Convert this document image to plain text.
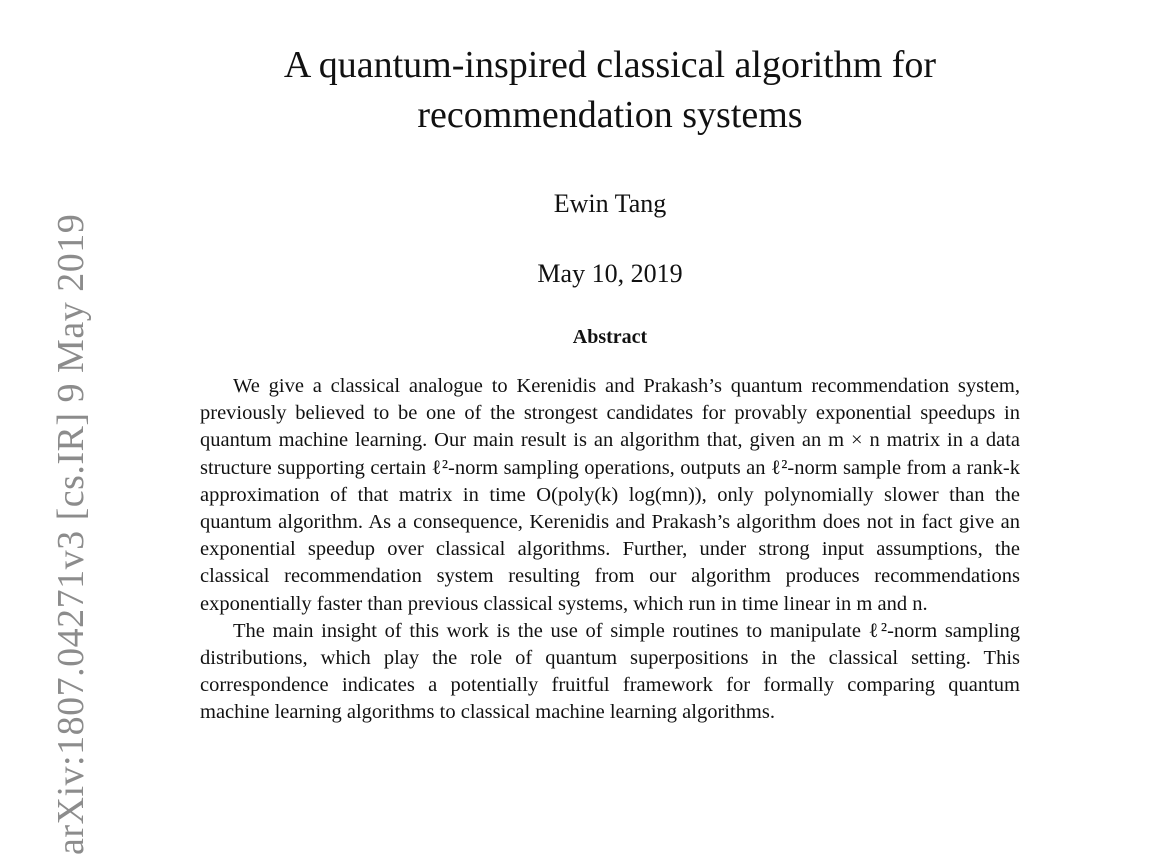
arXiv:1807.04271v3 [cs.IR] 9 May 2019
A quantum-inspired classical algorithm for
recommendation systems
Ewin Tang
May 10, 2019
Abstract

We give a classical analogue to Kerenidis and Prakash’s quantum recommendation system, previously believed to be one of the strongest candidates for provably exponential speedups in quantum machine learning. Our main result is an algorithm that, given an m × n matrix in a data structure supporting certain ℓ²-norm sampling operations, outputs an ℓ²-norm sample from a rank-k approximation of that matrix in time O(poly(k) log(mn)), only polynomially slower than the quantum algorithm. As a consequence, Kerenidis and Prakash’s algorithm does not in fact give an exponential speedup over classical algorithms. Further, under strong input assumptions, the classical recommendation system resulting from our algorithm produces recommendations exponentially faster than previous classical systems, which run in time linear in m and n.

The main insight of this work is the use of simple routines to manipulate ℓ²-norm sampling distributions, which play the role of quantum superpositions in the classical setting. This correspondence indicates a potentially fruitful framework for formally comparing quantum machine learning algorithms to classical machine learning algorithms.
